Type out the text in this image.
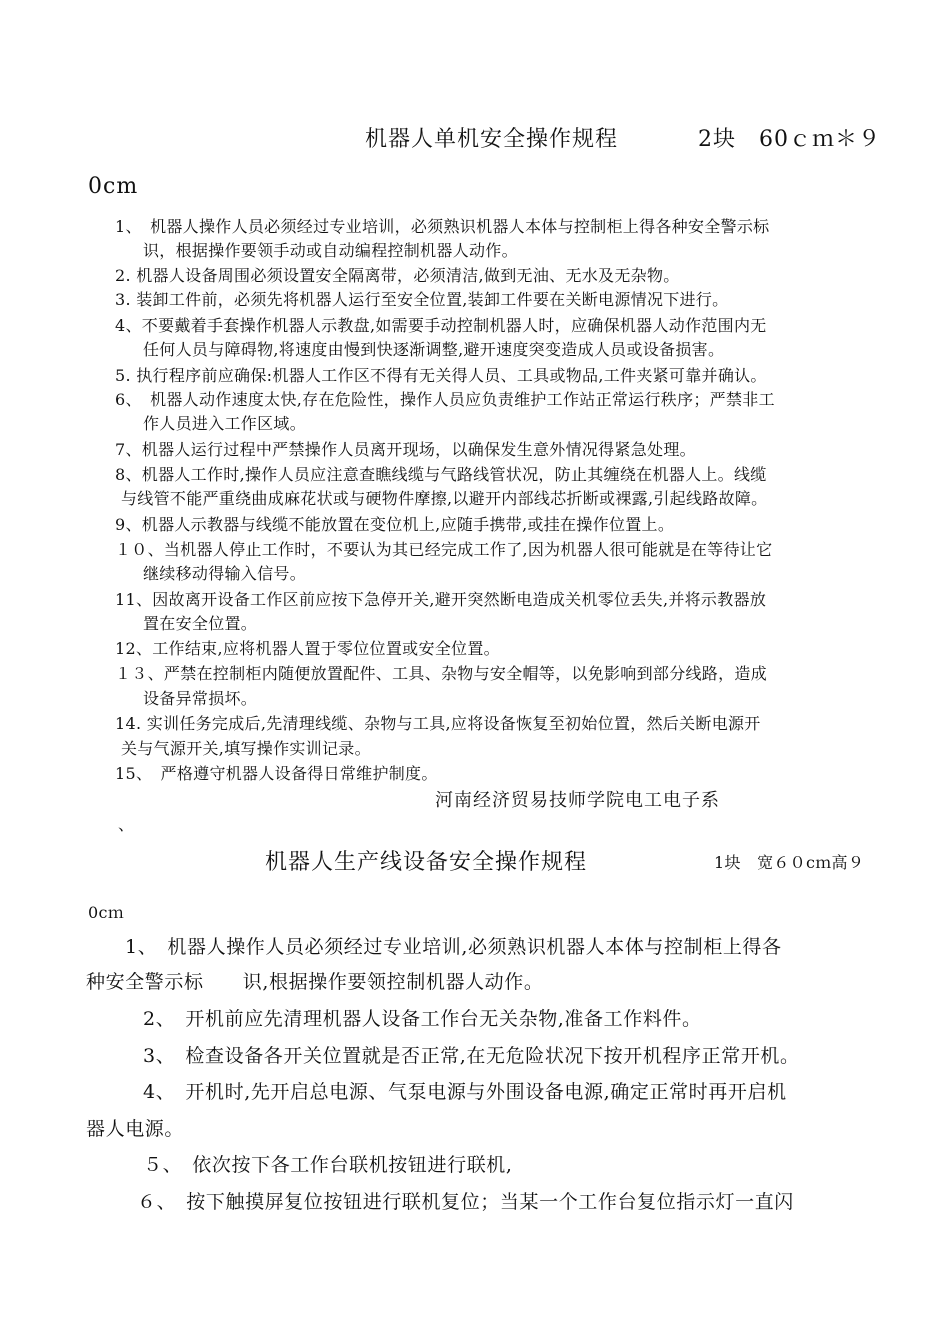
机器人单机安全操作规程	2块　60ｃｍ＊９
0cm
1、　机器人操作人员必须经过专业培训，必须熟识机器人本体与控制柜上得各种安全警示标
识，根据操作要领手动或自动编程控制机器人动作。
2. 机器人设备周围必须设置安全隔离带，必须清洁,做到无油、无水及无杂物。
3. 装卸工件前，必须先将机器人运行至安全位置,装卸工件要在关断电源情况下进行。
4、不要戴着手套操作机器人示教盘,如需要手动控制机器人时，应确保机器人动作范围内无
任何人员与障碍物,将速度由慢到快逐渐调整,避开速度突变造成人员或设备损害。
5. 执行程序前应确保:机器人工作区不得有无关得人员、工具或物品,工件夹紧可靠并确认。
6、　机器人动作速度太快,存在危险性，操作人员应负责维护工作站正常运行秩序；严禁非工
作人员进入工作区域。
7、机器人运行过程中严禁操作人员离开现场，以确保发生意外情况得紧急处理。
8、机器人工作时,操作人员应注意查瞧线缆与气路线管状况，防止其缠绕在机器人上。线缆
与线管不能严重绕曲成麻花状或与硬物件摩擦,以避开内部线芯折断或裸露,引起线路故障。
9、机器人示教器与线缆不能放置在变位机上,应随手携带,或挂在操作位置上。
１０、当机器人停止工作时，不要认为其已经完成工作了,因为机器人很可能就是在等待让它
继续移动得输入信号。
11、因故离开设备工作区前应按下急停开关,避开突然断电造成关机零位丢失,并将示教器放
置在安全位置。
12、工作结束,应将机器人置于零位位置或安全位置。
１３、严禁在控制柜内随便放置配件、工具、杂物与安全帽等，以免影响到部分线路，造成
设备异常损坏。
14. 实训任务完成后,先清理线缆、杂物与工具,应将设备恢复至初始位置，然后关断电源开
关与气源开关,填写操作实训记录。
15、　严格遵守机器人设备得日常维护制度。
河南经济贸易技师学院电工电子系
、
机器人生产线设备安全操作规程	1块　宽６０cｍ高９
0cｍ
1、　机器人操作人员必须经过专业培训,必须熟识机器人本体与控制柜上得各
种安全警示标　　识,根据操作要领控制机器人动作。
2、　开机前应先清理机器人设备工作台无关杂物,准备工作料件。
3、　检查设备各开关位置就是否正常,在无危险状况下按开机程序正常开机。
4、　开机时,先开启总电源、气泵电源与外围设备电源,确定正常时再开启机
器人电源。
５、　依次按下各工作台联机按钮进行联机,
６、　按下触摸屏复位按钮进行联机复位；当某一个工作台复位指示灯一直闪
